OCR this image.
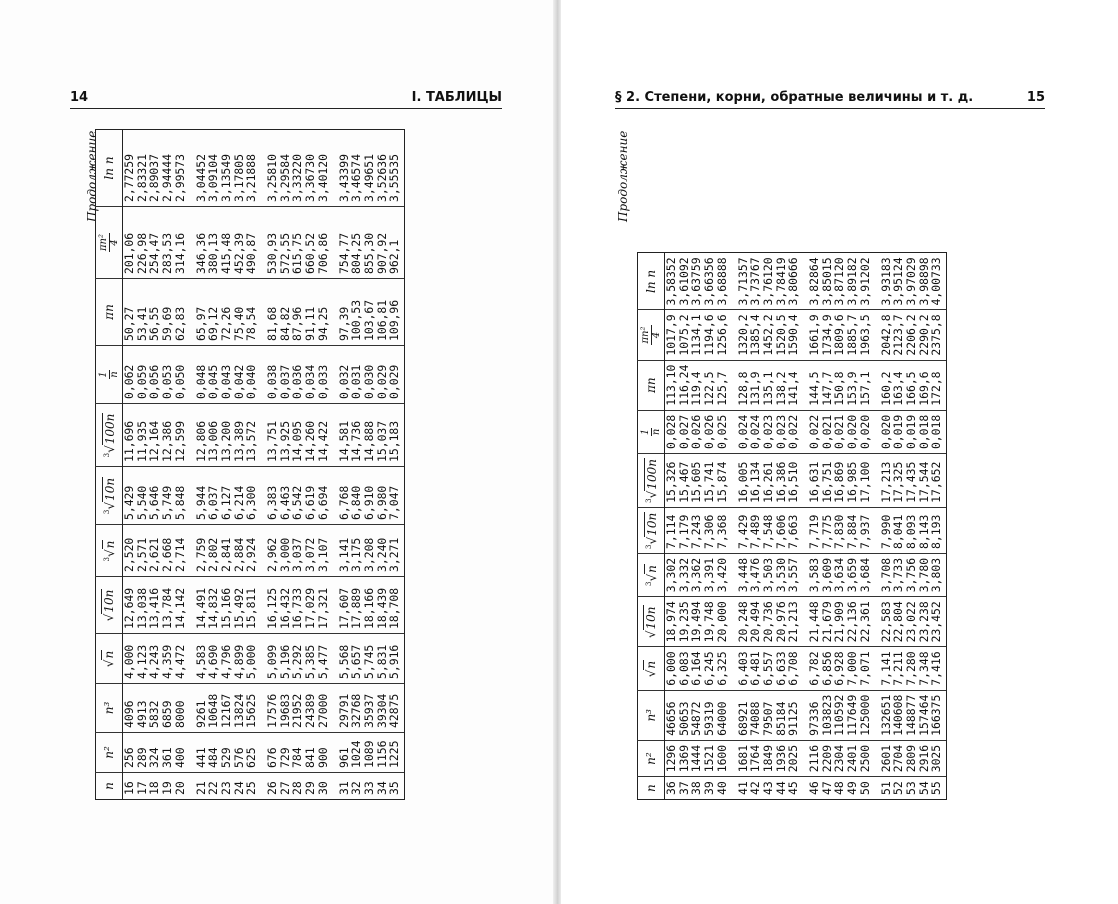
14	I. ТАБЛИЦЫ	§ 2. Степени, корни, обратные величины и т. д.	15
Продолжение	Продолжение
n	n²	n³	√n	√10n	$^3$√n	$^3$√10n	$^3$√100n	1 n	πn	πn² 4	ln n
16	256	4096	4,000	12,649	2,520	5,429	11,696	0,062	50,27	201,06	2,77259
17	289	4913	4,123	13,038	2,571	5,540	11,935	0,059	53,41	226,98	2,83321
18	324	5832	4,243	13,416	2,621	5,646	12,164	0,056	56,55	254,47	2,89037
19	361	6859	4,359	13,784	2,668	5,749	12,386	0,053	59,69	283,53	2,94444
20	400	8000	4,472	14,142	2,714	5,848	12,599	0,050	62,83	314,16	2,99573
21	441	9261	4,583	14,491	2,759	5,944	12,806	0,048	65,97	346,36	3,04452
22	484	10648	4,690	14,832	2,802	6,037	13,006	0,045	69,12	380,13	3,09104
23	529	12167	4,796	15,166	2,841	6,127	13,200	0,043	72,26	415,48	3,13549
24	576	13824	4,899	15,492	2,884	6,214	13,389	0,042	75,40	452,39	3,17805
25	625	15625	5,000	15,811	2,924	6,300	13,572	0,040	78,54	490,87	3,21888
26	676	17576	5,099	16,125	2,962	6,383	13,751	0,038	81,68	530,93	3,25810
27	729	19683	5,196	16,432	3,000	6,463	13,925	0,037	84,82	572,55	3,29584
28	784	21952	5,292	16,733	3,037	6,542	14,095	0,036	87,96	615,75	3,33220
29	841	24389	5,385	17,029	3,072	6,619	14,260	0,034	91,11	660,52	3,36730
30	900	27000	5,477	17,321	3,107	6,694	14,422	0,033	94,25	706,86	3,40120
31	961	29791	5,568	17,607	3,141	6,768	14,581	0,032	97,39	754,77	3,43399
32	1024	32768	5,657	17,889	3,175	6,840	14,736	0,031	100,53	804,25	3,46574
33	1089	35937	5,745	18,166	3,208	6,910	14,888	0,030	103,67	855,30	3,49651
34	1156	39304	5,831	18,439	3,240	6,980	15,037	0,029	106,81	907,92	3,52636
35	1225	42875	5,916	18,708	3,271	7,047	15,183	0,029	109,96	962,1	3,55535
n	n²	n³	√n	√10n	$^3$√n	$^3$√10n	$^3$√100n	1 n	πn	πn² 4	ln n
36	1296	46656	6,000	18,974	3,302	7,114	15,326	0,028	113,10	1017,9	3,58352
37	1369	50653	6,083	19,235	3,332	7,179	15,467	0,027	116,24	1075,2	3,61092
38	1444	54872	6,164	19,494	3,362	7,243	15,605	0,026	119,4	1134,1	3,63759
39	1521	59319	6,245	19,748	3,391	7,306	15,741	0,026	122,5	1194,6	3,66356
40	1600	64000	6,325	20,000	3,420	7,368	15,874	0,025	125,7	1256,6	3,68888
41	1681	68921	6,403	20,248	3,448	7,429	16,005	0,024	128,8	1320,2	3,71357
42	1764	74088	6,481	20,494	3,476	7,489	16,134	0,024	131,9	1385,4	3,73767
43	1849	79507	6,557	20,736	3,503	7,548	16,261	0,023	135,1	1452,2	3,76120
44	1936	85184	6,633	20,976	3,530	7,606	16,386	0,023	138,2	1520,5	3,78419
45	2025	91125	6,708	21,213	3,557	7,663	16,510	0,022	141,4	1590,4	3,80666
46	2116	97336	6,782	21,448	3,583	7,719	16,631	0,022	144,5	1661,9	3,82864
47	2209	103823	6,856	21,679	3,609	7,775	16,751	0,021	147,7	1734,9	3,85015
48	2304	110592	6,928	21,909	3,634	7,830	16,869	0,021	150,8	1809,6	3,87120
49	2401	117649	7,000	22,136	3,659	7,884	16,985	0,020	153,9	1885,7	3,89182
50	2500	125000	7,071	22,361	3,684	7,937	17,100	0,020	157,1	1963,5	3,91202
51	2601	132651	7,141	22,583	3,708	7,990	17,213	0,020	160,2	2042,8	3,93183
52	2704	140608	7,211	22,804	3,733	8,041	17,325	0,019	163,4	2123,7	3,95124
53	2809	148877	7,280	23,022	3,756	8,093	17,435	0,019	166,5	2206,2	3,97029
54	2916	157464	7,348	23,238	3,780	8,143	17,544	0,018	169,6	2290,2	3,98898
55	3025	166375	7,416	23,452	3,803	8,193	17,652	0,018	172,8	2375,8	4,00733
